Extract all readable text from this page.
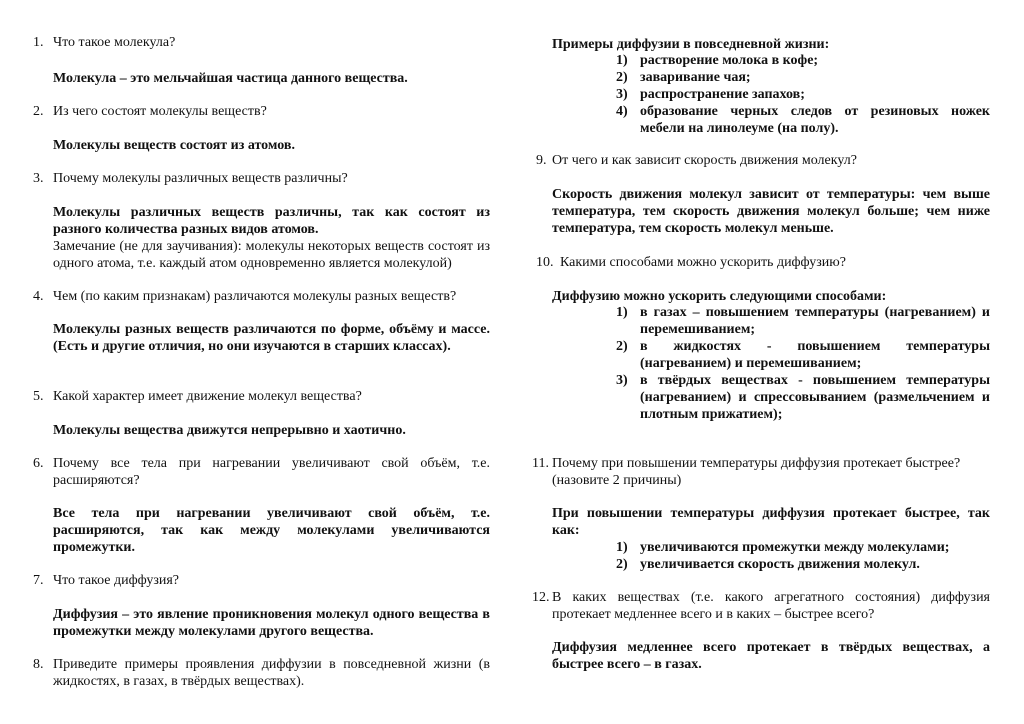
1. Что такое молекула?
Молекула – это мельчайшая частица данного вещества.
2. Из чего состоят молекулы веществ?
Молекулы веществ состоят из атомов.
3. Почему молекулы различных веществ различны?
Молекулы различных веществ различны, так как состоят из разного количества разных видов атомов.
Замечание (не для заучивания): молекулы некоторых веществ состоят из одного атома, т.е. каждый атом одновременно является молекулой)
4. Чем (по каким признакам) различаются молекулы разных веществ?
Молекулы разных веществ различаются по форме, объёму и массе. (Есть и другие отличия, но они изучаются в старших классах).
5. Какой характер имеет движение молекул вещества?
Молекулы вещества движутся непрерывно и хаотично.
6. Почему все тела при нагревании увеличивают свой объём, т.е. расширяются?
Все тела при нагревании увеличивают свой объём, т.е. расширяются, так как между молекулами увеличиваются промежутки.
7. Что такое диффузия?
Диффузия – это явление проникновения молекул одного вещества в промежутки между молекулами другого вещества.
8. Приведите примеры проявления диффузии в повседневной жизни (в жидкостях, в газах, в твёрдых веществах).
Примеры диффузии в повседневной жизни:
1) растворение молока в кофе;
2) заваривание чая;
3) распространение запахов;
4) образование черных следов от резиновых ножек мебели на линолеуме (на полу).
9. От чего и как зависит скорость движения молекул?
Скорость движения молекул зависит от температуры: чем выше температура, тем скорость движения молекул больше; чем ниже температура, тем скорость молекул меньше.
10. Какими способами можно ускорить диффузию?
Диффузию можно ускорить следующими способами:
1) в газах – повышением температуры (нагреванием) и перемешиванием;
2) в жидкостях - повышением температуры (нагреванием) и перемешиванием;
3) в твёрдых веществах - повышением температуры (нагреванием) и спрессовыванием (размельчением и плотным прижатием);
11. Почему при повышении температуры диффузия протекает быстрее? (назовите 2 причины)
При повышении температуры диффузия протекает быстрее, так как:
1) увеличиваются промежутки между молекулами;
2) увеличивается скорость движения молекул.
12. В каких веществах (т.е. какого агрегатного состояния) диффузия протекает медленнее всего и в каких – быстрее всего?
Диффузия медленнее всего протекает в твёрдых веществах, а быстрее всего – в газах.
